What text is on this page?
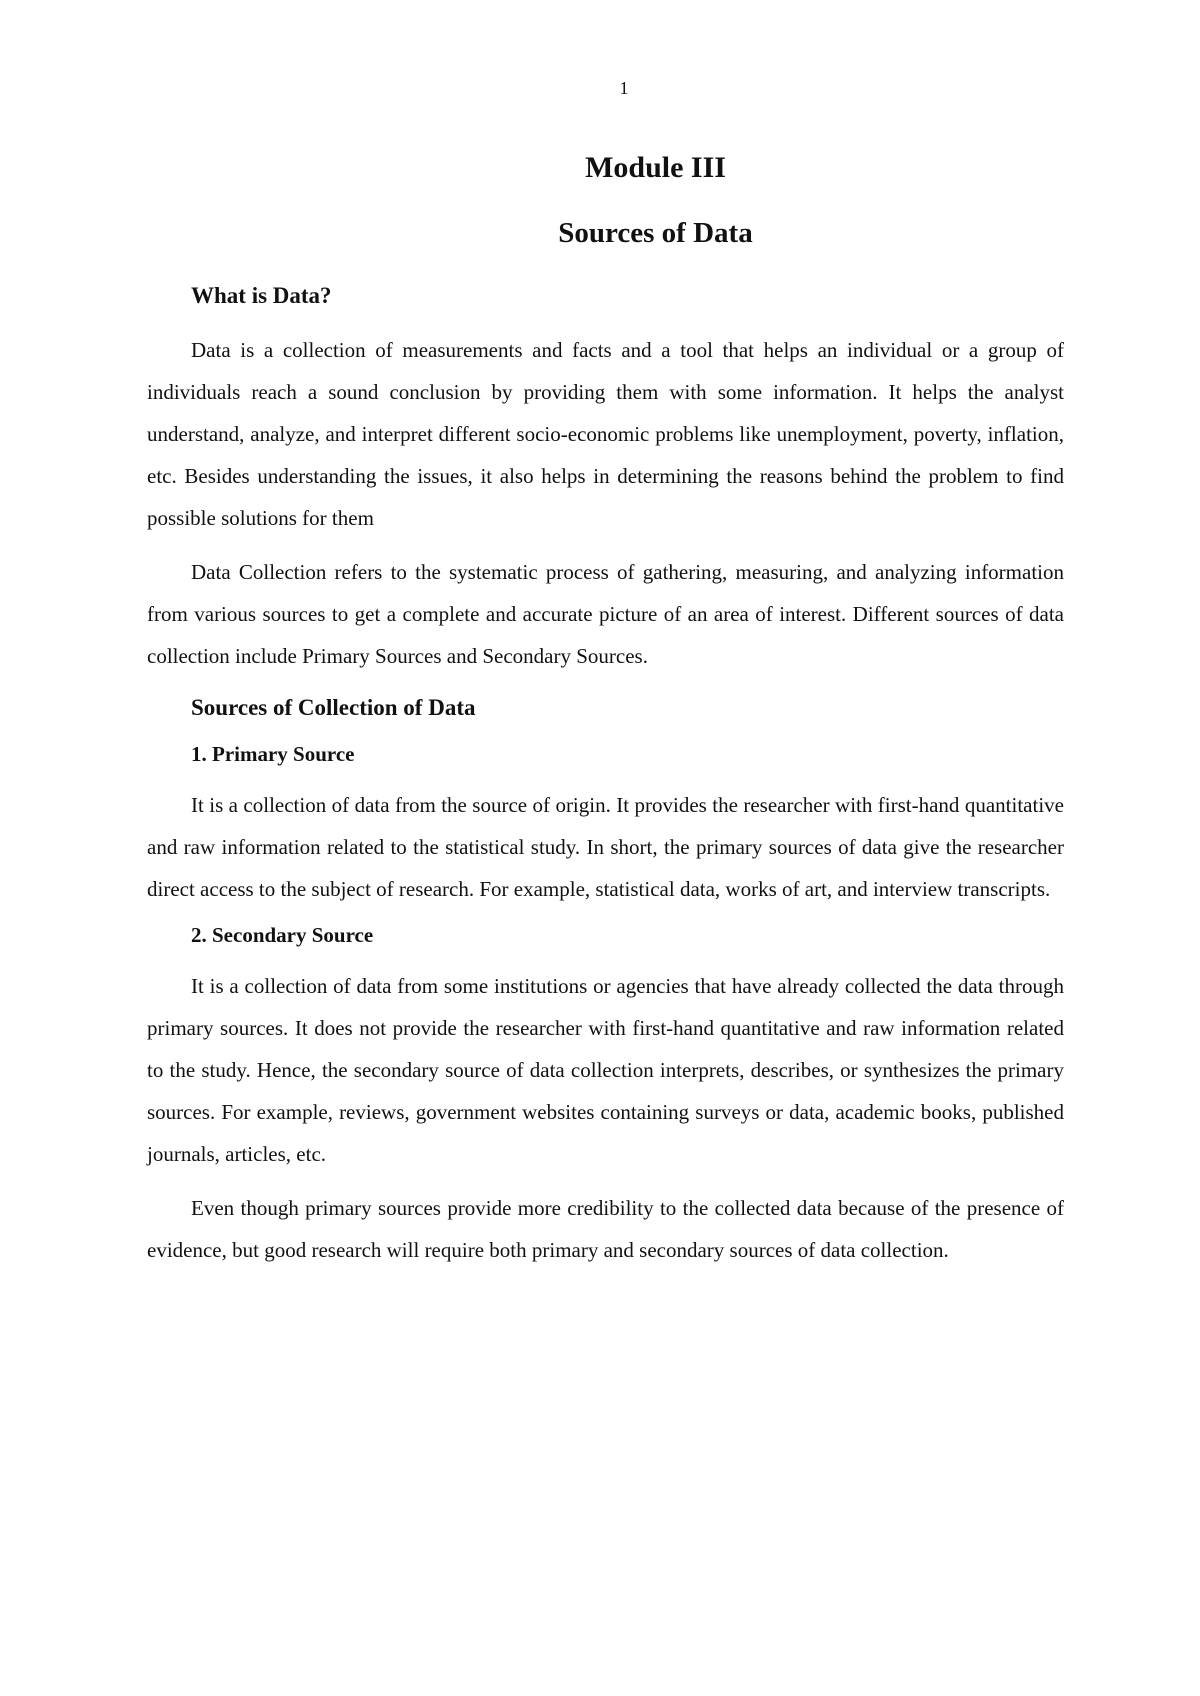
1
Module III
Sources of Data
What is Data?

Data is a collection of measurements and facts and a tool that helps an individual or a group of individuals reach a sound conclusion by providing them with some information. It helps the analyst understand, analyze, and interpret different socio-economic problems like unemployment, poverty, inflation, etc. Besides understanding the issues, it also helps in determining the reasons behind the problem to find possible solutions for them

Data Collection refers to the systematic process of gathering, measuring, and analyzing information from various sources to get a complete and accurate picture of an area of interest. Different sources of data collection include Primary Sources and Secondary Sources.

Sources of Collection of Data
1. Primary Source

It is a collection of data from the source of origin. It provides the researcher with first-hand quantitative and raw information related to the statistical study. In short, the primary sources of data give the researcher direct access to the subject of research. For example, statistical data, works of art, and interview transcripts.

2. Secondary Source

It is a collection of data from some institutions or agencies that have already collected the data through primary sources. It does not provide the researcher with first-hand quantitative and raw information related to the study. Hence, the secondary source of data collection interprets, describes, or synthesizes the primary sources. For example, reviews, government websites containing surveys or data, academic books, published journals, articles, etc.

Even though primary sources provide more credibility to the collected data because of the presence of evidence, but good research will require both primary and secondary sources of data collection.
